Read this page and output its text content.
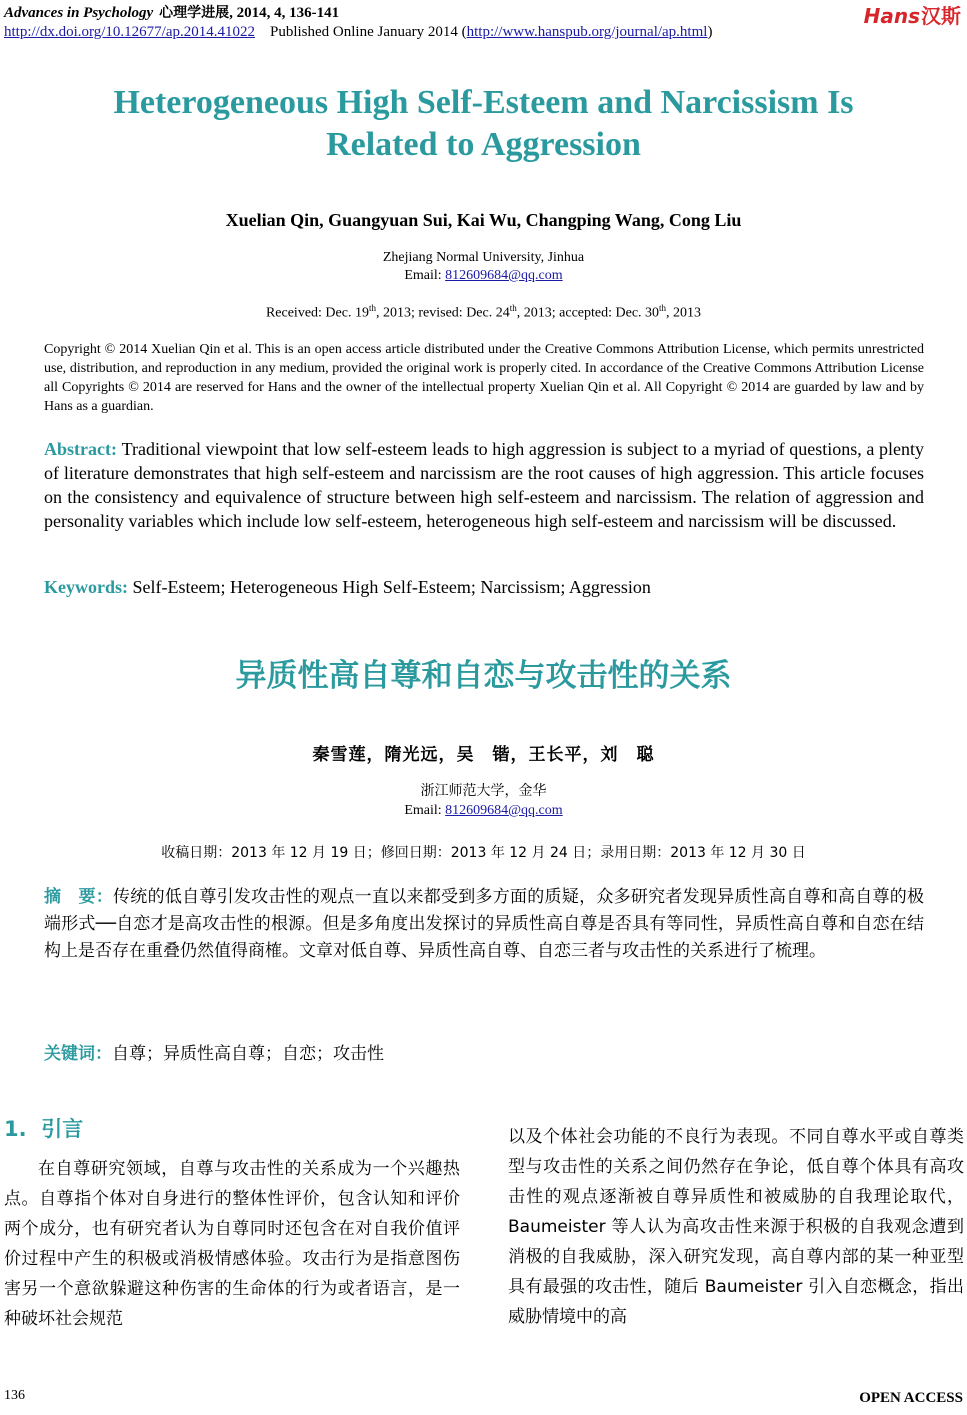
Advances in Psychology 心理学进展, 2014, 4, 136-141
http://dx.doi.org/10.12677/ap.2014.41022 Published Online January 2014 (http://www.hanspub.org/journal/ap.html)
Hans汉斯
Heterogeneous High Self-Esteem and Narcissism Is
Related to Aggression
Xuelian Qin, Guangyuan Sui, Kai Wu, Changping Wang, Cong Liu
Zhejiang Normal University, Jinhua
Email: 812609684@qq.com
Received: Dec. 19th, 2013; revised: Dec. 24th, 2013; accepted: Dec. 30th, 2013
Copyright © 2014 Xuelian Qin et al. This is an open access article distributed under the Creative Commons Attribution License, which permits unrestricted use, distribution, and reproduction in any medium, provided the original work is properly cited. In accordance of the Creative Commons Attribution License all Copyrights © 2014 are reserved for Hans and the owner of the intellectual property Xuelian Qin et al. All Copyright © 2014 are guarded by law and by Hans as a guardian.
Abstract: Traditional viewpoint that low self-esteem leads to high aggression is subject to a myriad of questions, a plenty of literature demonstrates that high self-esteem and narcissism are the root causes of high aggression. This article focuses on the consistency and equivalence of structure between high self-esteem and narcissism. The relation of aggression and personality variables which include low self-esteem, heterogeneous high self-esteem and narcissism will be discussed.
Keywords: Self-Esteem; Heterogeneous High Self-Esteem; Narcissism; Aggression
异质性高自尊和自恋与攻击性的关系
秦雪莲，隋光远，吴　锴，王长平，刘　聪
浙江师范大学，金华
Email: 812609684@qq.com
收稿日期：2013 年 12 月 19 日；修回日期：2013 年 12 月 24 日；录用日期：2013 年 12 月 30 日
摘　要：传统的低自尊引发攻击性的观点一直以来都受到多方面的质疑，众多研究者发现异质性高自尊和高自尊的极端形式──自恋才是高攻击性的根源。但是多角度出发探讨的异质性高自尊是否具有等同性，异质性高自尊和自恋在结构上是否存在重叠仍然值得商榷。文章对低自尊、异质性高自尊、自恋三者与攻击性的关系进行了梳理。
关键词：自尊；异质性高自尊；自恋；攻击性
1. 引言

在自尊研究领域，自尊与攻击性的关系成为一个兴趣热点。自尊指个体对自身进行的整体性评价，包含认知和评价两个成分，也有研究者认为自尊同时还包含在对自我价值评价过程中产生的积极或消极情感体验。攻击行为是指意图伤害另一个意欲躲避这种伤害的生命体的行为或者语言，是一种破坏社会规范

以及个体社会功能的不良行为表现。不同自尊水平或自尊类型与攻击性的关系之间仍然存在争论，低自尊个体具有高攻击性的观点逐渐被自尊异质性和被威胁的自我理论取代，Baumeister 等人认为高攻击性来源于积极的自我观念遭到消极的自我威胁，深入研究发现，高自尊内部的某一种亚型具有最强的攻击性，随后 Baumeister 引入自恋概念，指出威胁情境中的高

136	OPEN ACCESS
